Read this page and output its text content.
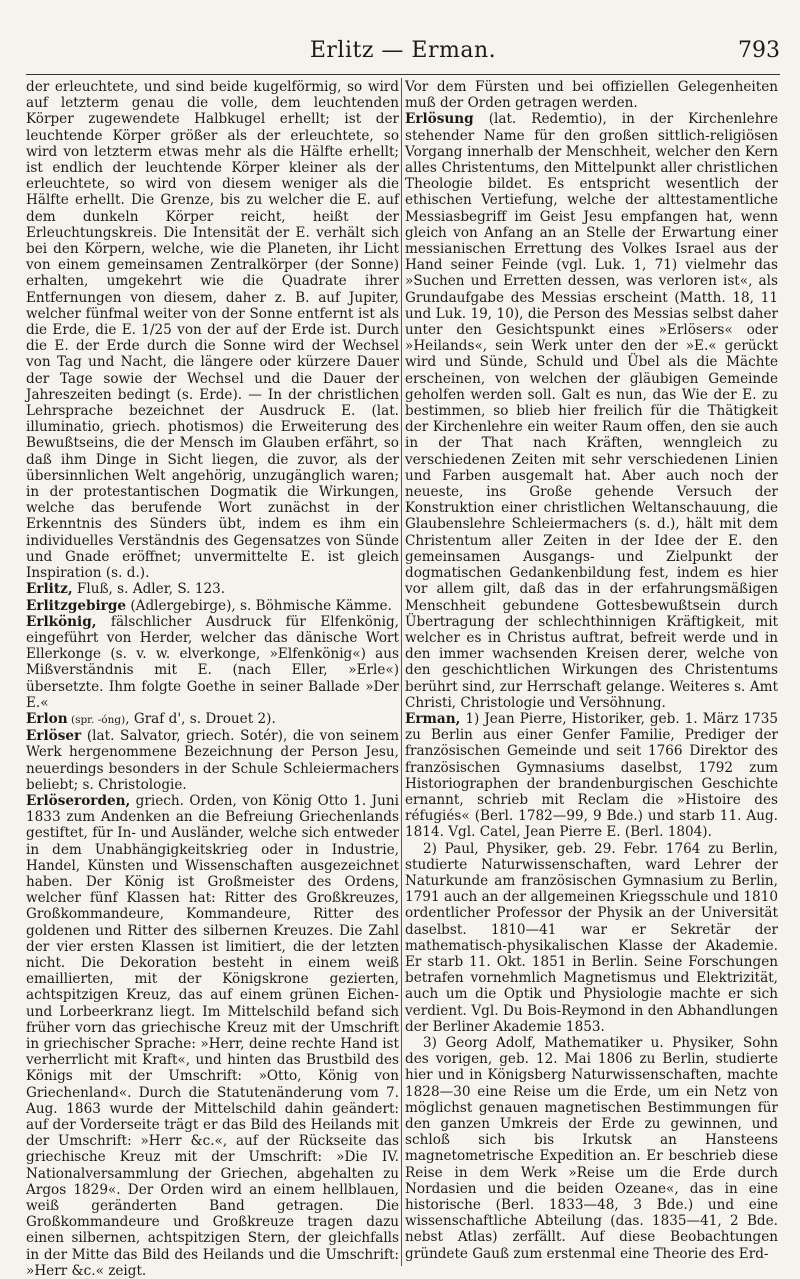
Erlitz — Erman.	793

der erleuchtete, und sind beide kugelförmig, so wird auf letzterm genau die volle, dem leuchtenden Körper zugewendete Halbkugel erhellt; ist der leuchtende Körper größer als der erleuchtete, so wird von letzterm etwas mehr als die Hälfte erhellt; ist endlich der leuchtende Körper kleiner als der erleuchtete, so wird von diesem weniger als die Hälfte erhellt. Die Grenze, bis zu welcher die E. auf dem dunkeln Körper reicht, heißt der Erleuchtungskreis. Die Intensität der E. verhält sich bei den Körpern, welche, wie die Planeten, ihr Licht von einem gemeinsamen Zentralkörper (der Sonne) erhalten, umgekehrt wie die Quadrate ihrer Entfernungen von diesem, daher z. B. auf Jupiter, welcher fünfmal weiter von der Sonne entfernt ist als die Erde, die E. 1/25 von der auf der Erde ist. Durch die E. der Erde durch die Sonne wird der Wechsel von Tag und Nacht, die längere oder kürzere Dauer der Tage sowie der Wechsel und die Dauer der Jahreszeiten bedingt (s. Erde). — In der christlichen Lehrsprache bezeichnet der Ausdruck E. (lat. illuminatio, griech. photismos) die Erweiterung des Bewußtseins, die der Mensch im Glauben erfährt, so daß ihm Dinge in Sicht liegen, die zuvor, als der übersinnlichen Welt angehörig, unzugänglich waren; in der protestantischen Dogmatik die Wirkungen, welche das berufende Wort zunächst in der Erkenntnis des Sünders übt, indem es ihm ein individuelles Verständnis des Gegensatzes von Sünde und Gnade eröffnet; unvermittelte E. ist gleich Inspiration (s. d.).

Erlitz, Fluß, s. Adler, S. 123.

Erlitzgebirge (Adlergebirge), s. Böhmische Kämme.

Erlkönig, fälschlicher Ausdruck für Elfenkönig, eingeführt von Herder, welcher das dänische Wort Ellerkonge (s. v. w. elverkonge, »Elfenkönig«) aus Mißverständnis mit E. (nach Eller, »Erle«) übersetzte. Ihm folgte Goethe in seiner Ballade »Der E.«

Erlon (spr. -óng), Graf d', s. Drouet 2).

Erlöser (lat. Salvator, griech. Sotér), die von seinem Werk hergenommene Bezeichnung der Person Jesu, neuerdings besonders in der Schule Schleiermachers beliebt; s. Christologie.

Erlöserorden, griech. Orden, von König Otto 1. Juni 1833 zum Andenken an die Befreiung Griechenlands gestiftet, für In- und Ausländer, welche sich entweder in dem Unabhängigkeitskrieg oder in Industrie, Handel, Künsten und Wissenschaften ausgezeichnet haben. Der König ist Großmeister des Ordens, welcher fünf Klassen hat: Ritter des Großkreuzes, Großkommandeure, Kommandeure, Ritter des goldenen und Ritter des silbernen Kreuzes. Die Zahl der vier ersten Klassen ist limitiert, die der letzten nicht. Die Dekoration besteht in einem weiß emaillierten, mit der Königskrone gezierten, achtspitzigen Kreuz, das auf einem grünen Eichen- und Lorbeerkranz liegt. Im Mittelschild befand sich früher vorn das griechische Kreuz mit der Umschrift in griechischer Sprache: »Herr, deine rechte Hand ist verherrlicht mit Kraft«, und hinten das Brustbild des Königs mit der Umschrift: »Otto, König von Griechenland«. Durch die Statutenänderung vom 7. Aug. 1863 wurde der Mittelschild dahin geändert: auf der Vorderseite trägt er das Bild des Heilands mit der Umschrift: »Herr &c.«, auf der Rückseite das griechische Kreuz mit der Umschrift: »Die IV. Nationalversammlung der Griechen, abgehalten zu Argos 1829«. Der Orden wird an einem hellblauen, weiß geränderten Band getragen. Die Großkommandeure und Großkreuze tragen dazu einen silbernen, achtspitzigen Stern, der gleichfalls in der Mitte das Bild des Heilands und die Umschrift: »Herr &c.« zeigt.

Vor dem Fürsten und bei offiziellen Gelegenheiten muß der Orden getragen werden.

Erlösung (lat. Redemtio), in der Kirchenlehre stehender Name für den großen sittlich-religiösen Vorgang innerhalb der Menschheit, welcher den Kern alles Christentums, den Mittelpunkt aller christlichen Theologie bildet. Es entspricht wesentlich der ethischen Vertiefung, welche der alttestamentliche Messiasbegriff im Geist Jesu empfangen hat, wenn gleich von Anfang an an Stelle der Erwartung einer messianischen Errettung des Volkes Israel aus der Hand seiner Feinde (vgl. Luk. 1, 71) vielmehr das »Suchen und Erretten dessen, was verloren ist«, als Grundaufgabe des Messias erscheint (Matth. 18, 11 und Luk. 19, 10), die Person des Messias selbst daher unter den Gesichtspunkt eines »Erlösers« oder »Heilands«, sein Werk unter den der »E.« gerückt wird und Sünde, Schuld und Übel als die Mächte erscheinen, von welchen der gläubigen Gemeinde geholfen werden soll. Galt es nun, das Wie der E. zu bestimmen, so blieb hier freilich für die Thätigkeit der Kirchenlehre ein weiter Raum offen, den sie auch in der That nach Kräften, wenngleich zu verschiedenen Zeiten mit sehr verschiedenen Linien und Farben ausgemalt hat. Aber auch noch der neueste, ins Große gehende Versuch der Konstruktion einer christlichen Weltanschauung, die Glaubenslehre Schleiermachers (s. d.), hält mit dem Christentum aller Zeiten in der Idee der E. den gemeinsamen Ausgangs- und Zielpunkt der dogmatischen Gedankenbildung fest, indem es hier vor allem gilt, daß das in der erfahrungsmäßigen Menschheit gebundene Gottesbewußtsein durch Übertragung der schlechthinnigen Kräftigkeit, mit welcher es in Christus auftrat, befreit werde und in den immer wachsenden Kreisen derer, welche von den geschichtlichen Wirkungen des Christentums berührt sind, zur Herrschaft gelange. Weiteres s. Amt Christi, Christologie und Versöhnung.

Erman, 1) Jean Pierre, Historiker, geb. 1. März 1735 zu Berlin aus einer Genfer Familie, Prediger der französischen Gemeinde und seit 1766 Direktor des französischen Gymnasiums daselbst, 1792 zum Historiographen der brandenburgischen Geschichte ernannt, schrieb mit Reclam die »Histoire des réfugiés« (Berl. 1782—99, 9 Bde.) und starb 11. Aug. 1814. Vgl. Catel, Jean Pierre E. (Berl. 1804).

2) Paul, Physiker, geb. 29. Febr. 1764 zu Berlin, studierte Naturwissenschaften, ward Lehrer der Naturkunde am französischen Gymnasium zu Berlin, 1791 auch an der allgemeinen Kriegsschule und 1810 ordentlicher Professor der Physik an der Universität daselbst. 1810—41 war er Sekretär der mathematisch-physikalischen Klasse der Akademie. Er starb 11. Okt. 1851 in Berlin. Seine Forschungen betrafen vornehmlich Magnetismus und Elektrizität, auch um die Optik und Physiologie machte er sich verdient. Vgl. Du Bois-Reymond in den Abhandlungen der Berliner Akademie 1853.

3) Georg Adolf, Mathematiker u. Physiker, Sohn des vorigen, geb. 12. Mai 1806 zu Berlin, studierte hier und in Königsberg Naturwissenschaften, machte 1828—30 eine Reise um die Erde, um ein Netz von möglichst genauen magnetischen Bestimmungen für den ganzen Umkreis der Erde zu gewinnen, und schloß sich bis Irkutsk an Hansteens magnetometrische Expedition an. Er beschrieb diese Reise in dem Werk »Reise um die Erde durch Nordasien und die beiden Ozeane«, das in eine historische (Berl. 1833—48, 3 Bde.) und eine wissenschaftliche Abteilung (das. 1835—41, 2 Bde. nebst Atlas) zerfällt. Auf diese Beobachtungen gründete Gauß zum erstenmal eine Theorie des Erd-
